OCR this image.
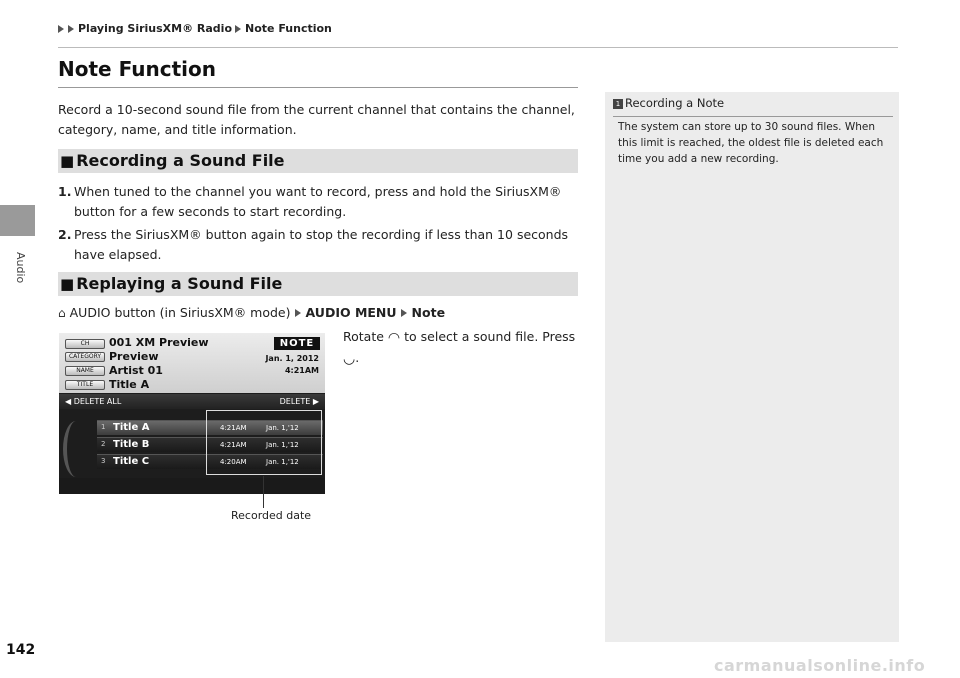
Audio
Playing SiriusXM® Radio Note Function
Note Function
Record a 10-second sound file from the current channel that contains the channel, category, name, and title information.
■ Recording a Sound File
1. When tuned to the channel you want to record, press and hold the SiriusXM® button for a few seconds to start recording.
2. Press the SiriusXM® button again to stop the recording if less than 10 seconds have elapsed.
■ Replaying a Sound File
⌂ AUDIO button (in SiriusXM® mode) AUDIO MENU Note
Rotate ◠ to select a sound file. Press
◡.
CH	001 XM Preview
CATEGORY Preview
NAME	Artist 01
TITLE	Title A
NOTE
Jan. 1, 2012
4:21AM
◀ DELETE ALL	DELETE ▶
1 Title A	4:21AM	Jan. 1,'12
2 Title B	4:21AM	Jan. 1,'12
3 Title C	4:20AM	Jan. 1,'12
Recorded date
1 Recording a Note
The system can store up to 30 sound files. When this limit is reached, the oldest file is deleted each time you add a new recording.
142
carmanualsonline.info
